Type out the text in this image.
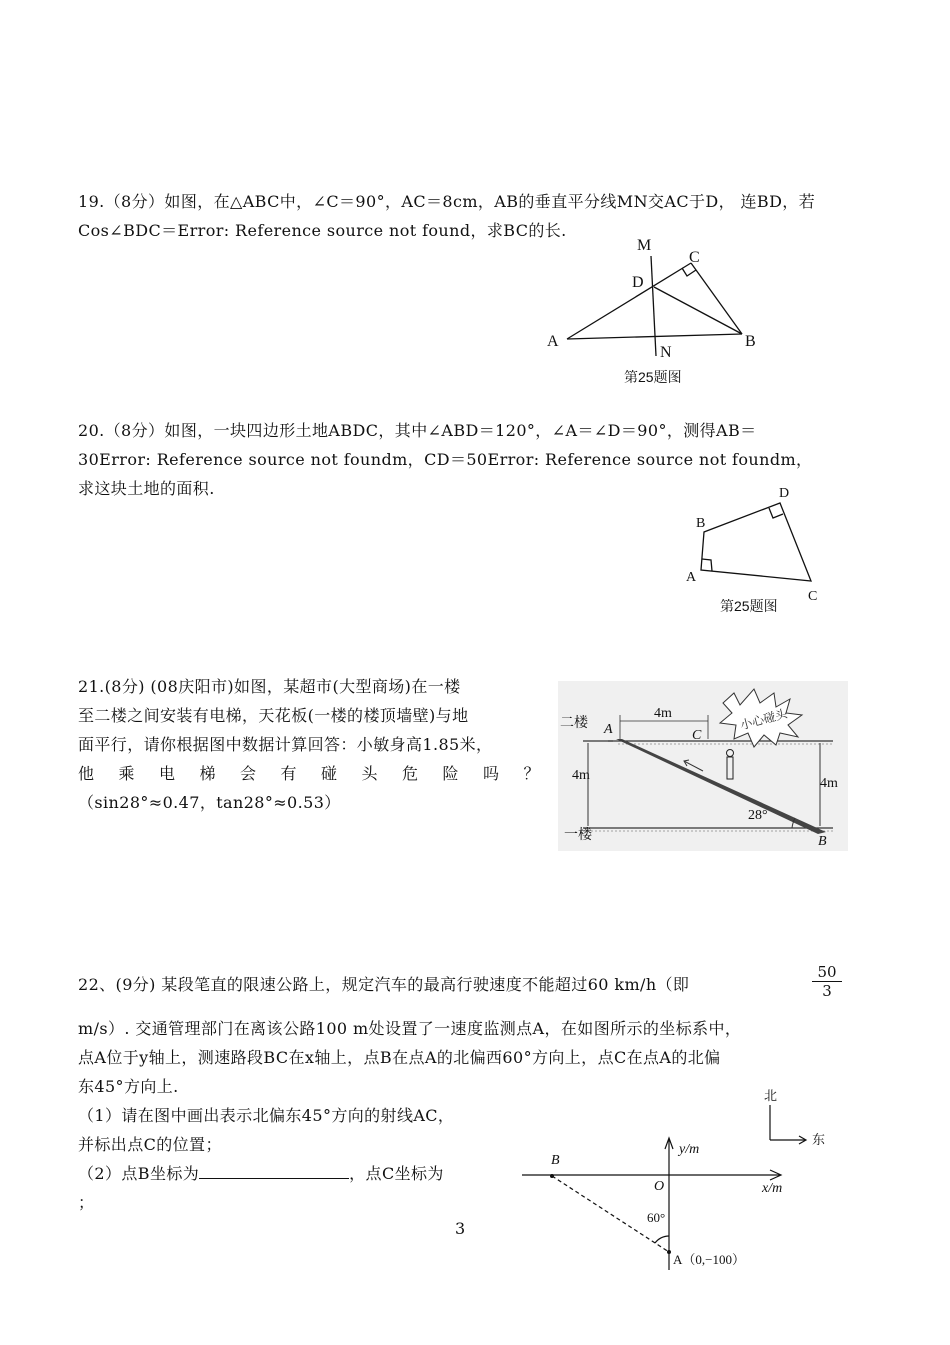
19.（8分）如图，在△ABC中，∠C＝90°，AC＝8cm，AB的垂直平分线MN交AC于D， 连BD，若
Cos∠BDC＝Error: Reference source not found，求BC的长.
M
C
D
A
N
B
第25题图
20.（8分）如图，一块四边形土地ABDC，其中∠ABD＝120°，∠A＝∠D＝90°，测得AB＝
30Error: Reference source not foundm，CD＝50Error: Reference source not foundm，
求这块土地的面积.	D
B
A
C
第25题图
21.(8分) (08庆阳市)如图，某超市(大型商场)在一楼
至二楼之间安装有电梯，天花板(一楼的楼顶墙壁)与地
面平行，请你根据图中数据计算回答：小敏身高1.85米，
他 乘 电 梯 会 有 碰 头 危 险 吗 ？
（sin28°≈0.47，tan28°≈0.53）
小心碰头
二楼
一楼
A	C
B
4m
4m
4m
28°
22、(9分) 某段笔直的限速公路上，规定汽车的最高行驶速度不能超过60 km/h（即	$\frac{50}{3}$
m/s）. 交通管理部门在离该公路100 m处设置了一速度监测点A，在如图所示的坐标系中，
点A位于y轴上，测速路段BC在x轴上，点B在点A的北偏西60°方向上，点C在点A的北偏
东45°方向上.
（1）请在图中画出表示北偏东45°方向的射线AC，
并标出点C的位置；
（2）点B坐标为	，点C坐标为
；
北
东
y/m
x/m
O
B
60°
A（0,−100）
3
